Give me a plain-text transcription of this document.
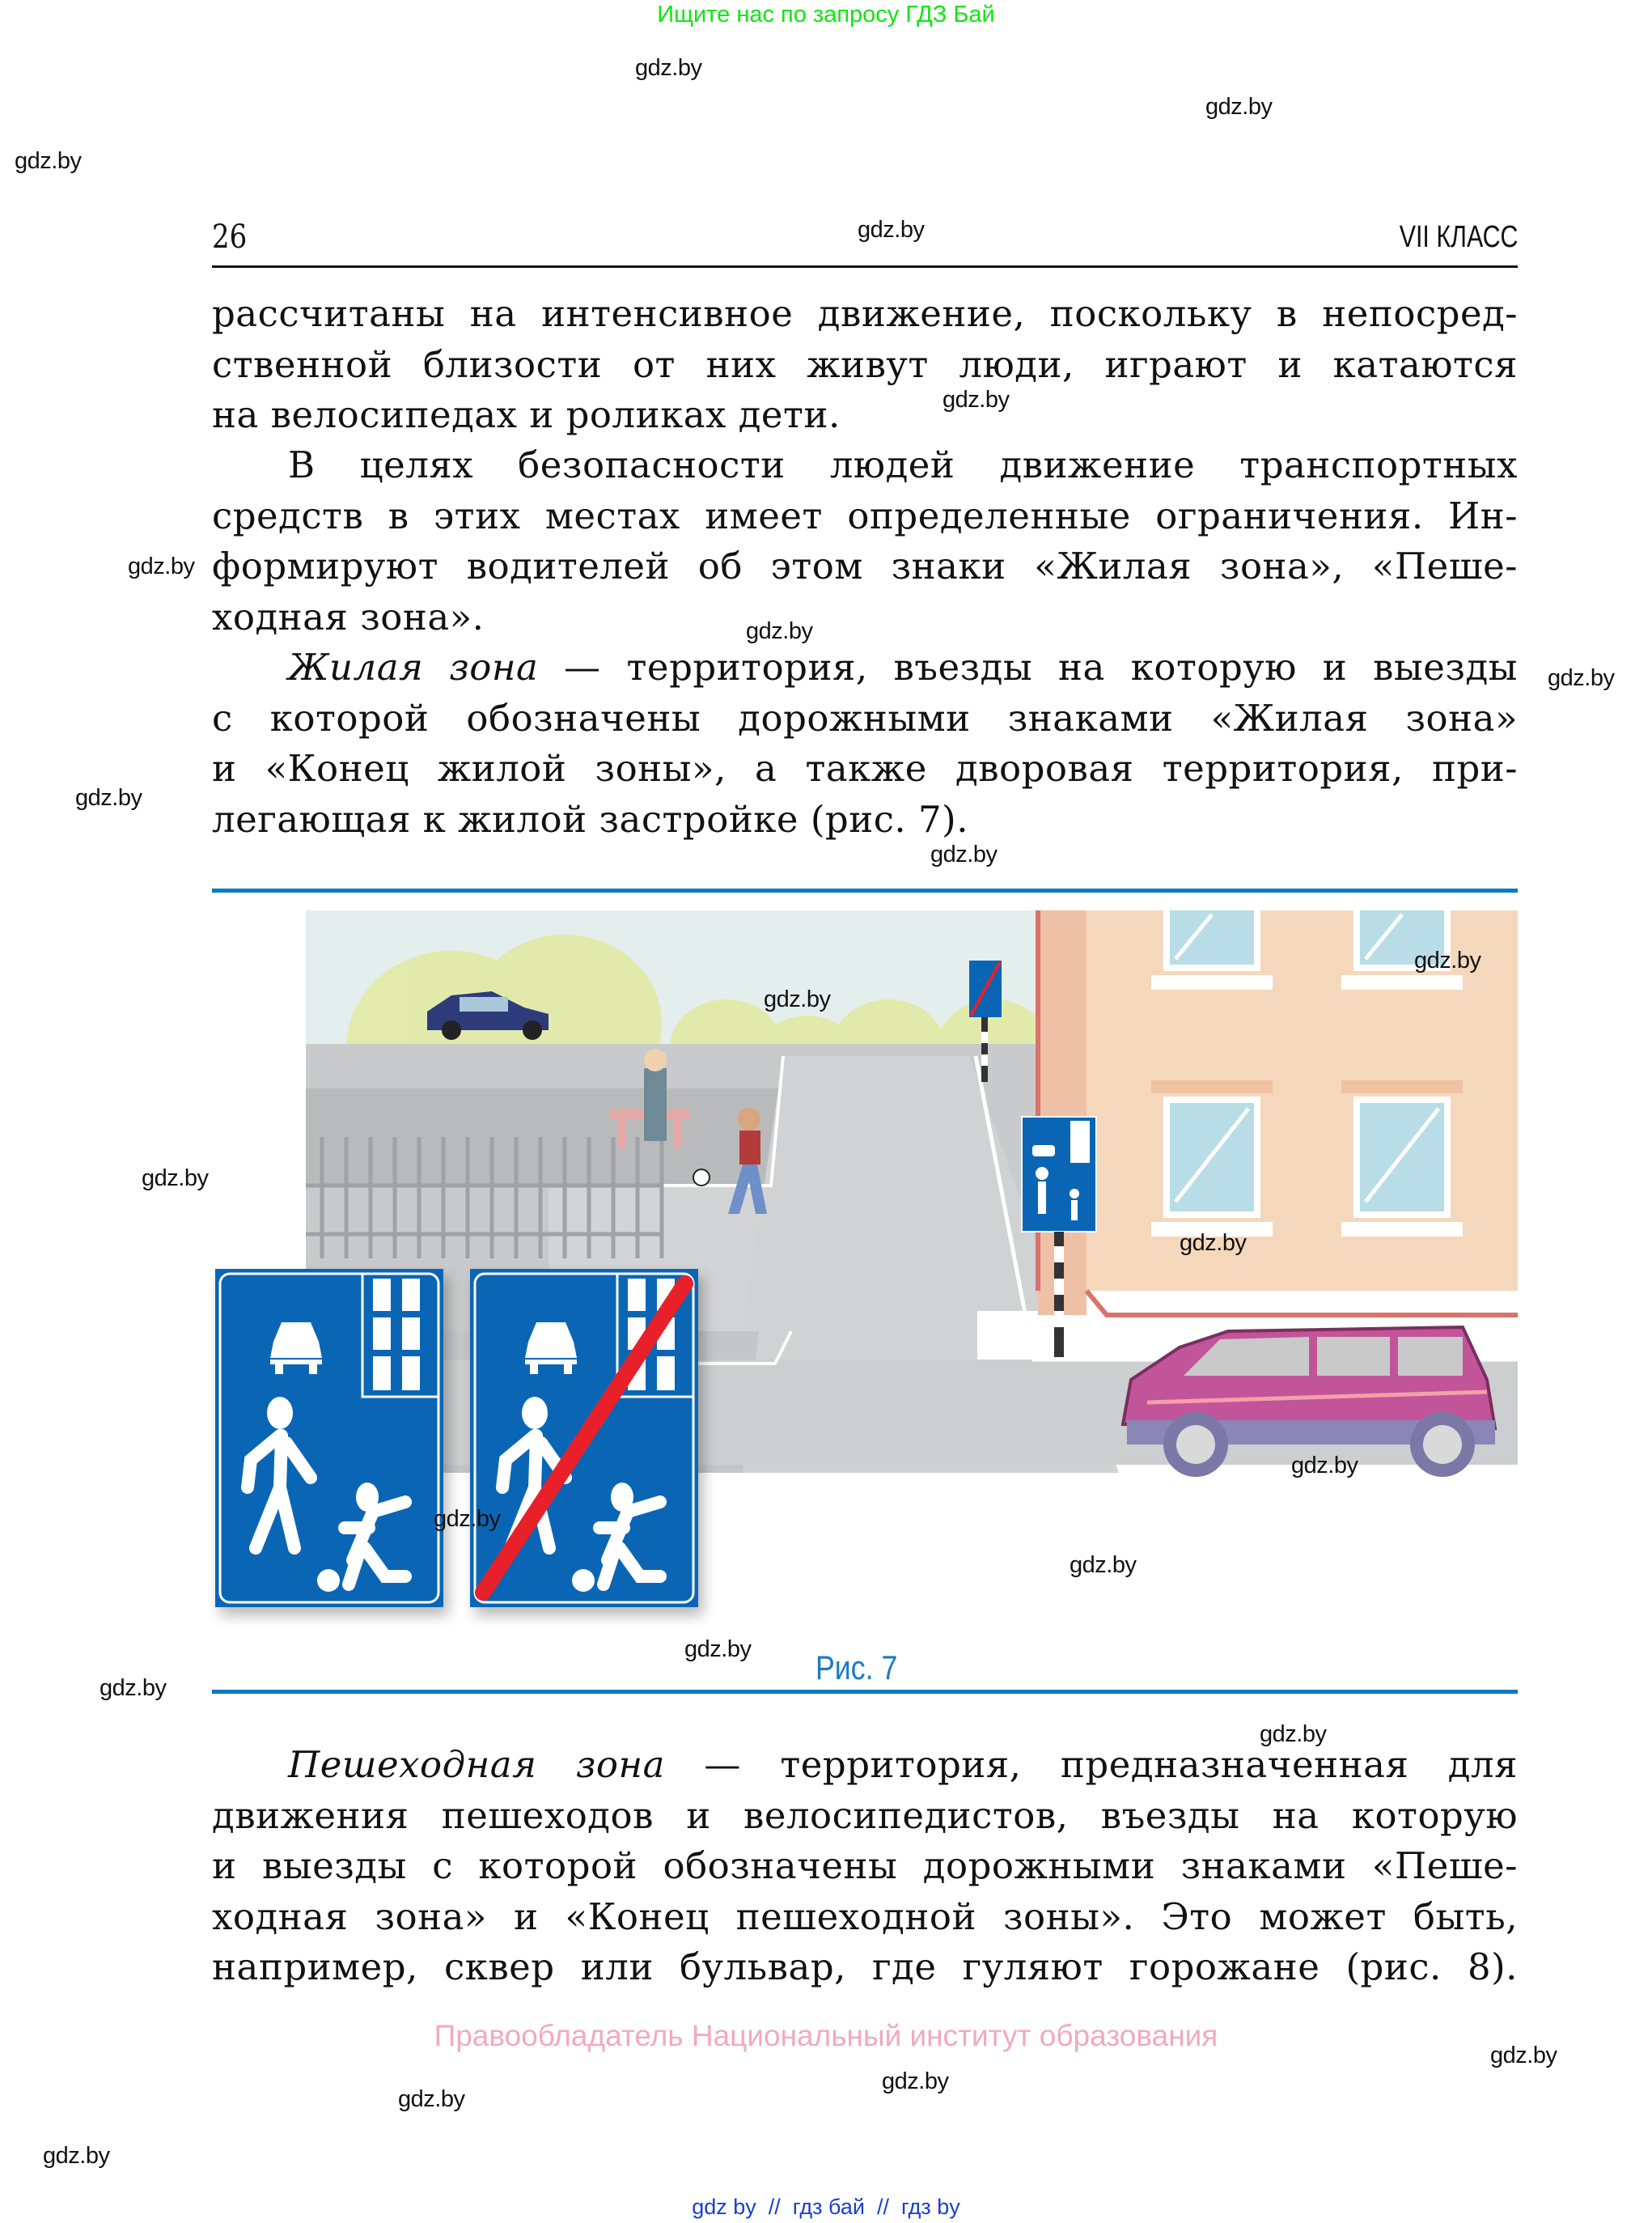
Ищите нас по запросу ГДЗ Бай
gdz.by
gdz.by
gdz.by
gdz.by
gdz.by
gdz.by
gdz.by
gdz.by
gdz.by
gdz.by
gdz.by
gdz.by
gdz.by
gdz.by
gdz.by
gdz.by
gdz.by
gdz.by
26	VII КЛАСС
рассчитаны на интенсивное движение, поскольку в непосред-
ственной близости от них живут люди, играют и катаются
на велосипедах и роликах дети.
В целях безопасности людей движение транспортных
средств в этих местах имеет определенные ограничения. Ин-
формируют водителей об этом знаки «Жилая зона», «Пеше-
ходная зона».
Жилая зона — территория, въезды на которую и выезды
с которой обозначены дорожными знаками «Жилая зона»
и «Конец жилой зоны», а также дворовая территория, при-
легающая к жилой застройке (рис. 7).
gdz.by
gdz.by
gdz.by
gdz.by
gdz.by
gdz.by
Рис. 7
Пешеходная зона — территория, предназначенная для
движения пешеходов и велосипедистов, въезды на которую
и выезды с которой обозначены дорожными знаками «Пеше-
ходная зона» и «Конец пешеходной зоны». Это может быть,
например, сквер или бульвар, где гуляют горожане (рис. 8).
Правообладатель Национальный институт образования
gdz by  //  гдз бай  //  гдз by
